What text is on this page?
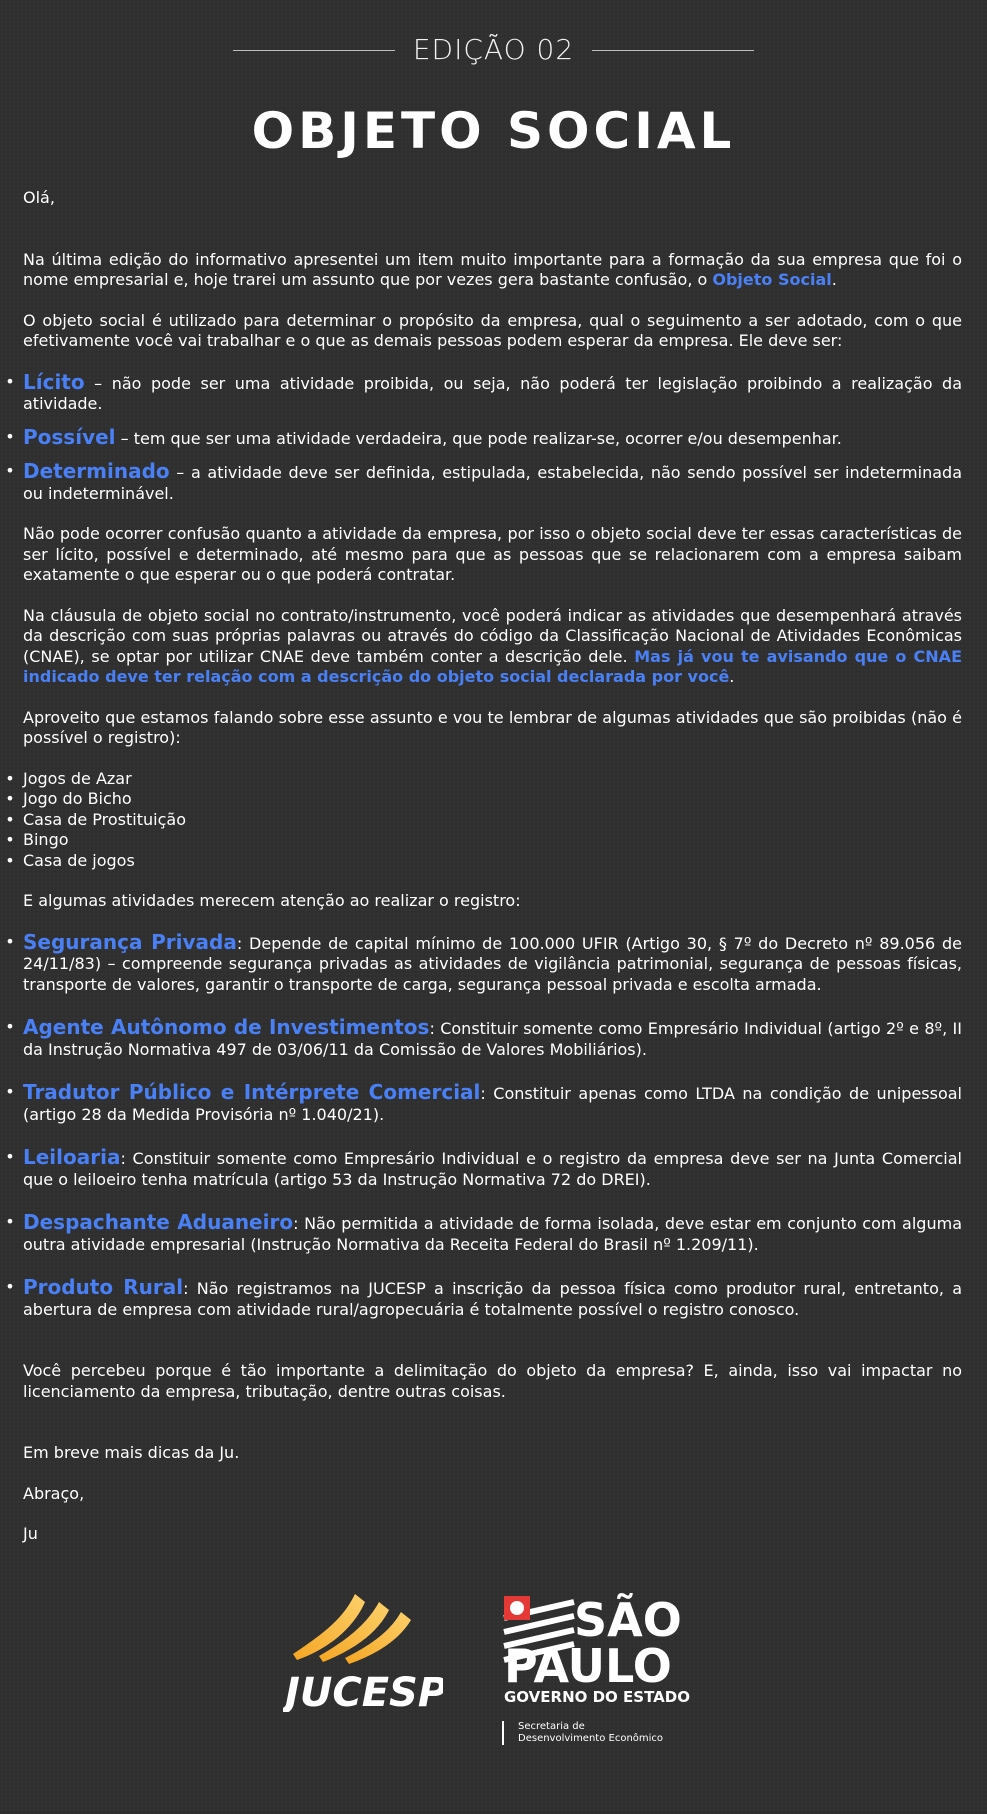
EDIÇÃO 02
OBJETO SOCIAL

Olá,

Na última edição do informativo apresentei um item muito importante para a formação da sua empresa que foi o nome empresarial e, hoje trarei um assunto que por vezes gera bastante confusão, o Objeto Social.

O objeto social é utilizado para determinar o propósito da empresa, qual o seguimento a ser adotado, com o que efetivamente você vai trabalhar e o que as demais pessoas podem esperar da empresa. Ele deve ser:

• Lícito – não pode ser uma atividade proibida, ou seja, não poderá ter legislação proibindo a realização da atividade.

• Possível – tem que ser uma atividade verdadeira, que pode realizar-se, ocorrer e/ou desempenhar.

• Determinado – a atividade deve ser definida, estipulada, estabelecida, não sendo possível ser indeterminada ou indeterminável.

Não pode ocorrer confusão quanto a atividade da empresa, por isso o objeto social deve ter essas características de ser lícito, possível e determinado, até mesmo para que as pessoas que se relacionarem com a empresa saibam exatamente o que esperar ou o que poderá contratar.

Na cláusula de objeto social no contrato/instrumento, você poderá indicar as atividades que desempenhará através da descrição com suas próprias palavras ou através do código da Classificação Nacional de Atividades Econômicas (CNAE), se optar por utilizar CNAE deve também conter a descrição dele. Mas já vou te avisando que o CNAE indicado deve ter relação com a descrição do objeto social declarada por você.

Aproveito que estamos falando sobre esse assunto e vou te lembrar de algumas atividades que são proibidas (não é possível o registro):

• Jogos de Azar
• Jogo do Bicho
• Casa de Prostituição
• Bingo
• Casa de jogos

E algumas atividades merecem atenção ao realizar o registro:

• Segurança Privada: Depende de capital mínimo de 100.000 UFIR (Artigo 30, § 7º do Decreto nº 89.056 de 24/11/83) – compreende segurança privadas as atividades de vigilância patrimonial, segurança de pessoas físicas, transporte de valores, garantir o transporte de carga, segurança pessoal privada e escolta armada.

• Agente Autônomo de Investimentos: Constituir somente como Empresário Individual (artigo 2º e 8º, II da Instrução Normativa 497 de 03/06/11 da Comissão de Valores Mobiliários).

• Tradutor Público e Intérprete Comercial: Constituir apenas como LTDA na condição de unipessoal (artigo 28 da Medida Provisória nº 1.040/21).

• Leiloaria: Constituir somente como Empresário Individual e o registro da empresa deve ser na Junta Comercial que o leiloeiro tenha matrícula (artigo 53 da Instrução Normativa 72 do DREI).

• Despachante Aduaneiro: Não permitida a atividade de forma isolada, deve estar em conjunto com alguma outra atividade empresarial (Instrução Normativa da Receita Federal do Brasil nº 1.209/11).

• Produto Rural: Não registramos na JUCESP a inscrição da pessoa física como produtor rural, entretanto, a abertura de empresa com atividade rural/agropecuária é totalmente possível o registro conosco.

Você percebeu porque é tão importante a delimitação do objeto da empresa? E, ainda, isso vai impactar no licenciamento da empresa, tributação, dentre outras coisas.

Em breve mais dicas da Ju.

Abraço,

Ju

JUCESP
SÃO
PAULO
GOVERNO DO ESTADO
Secretaria de
Desenvolvimento Econômico
